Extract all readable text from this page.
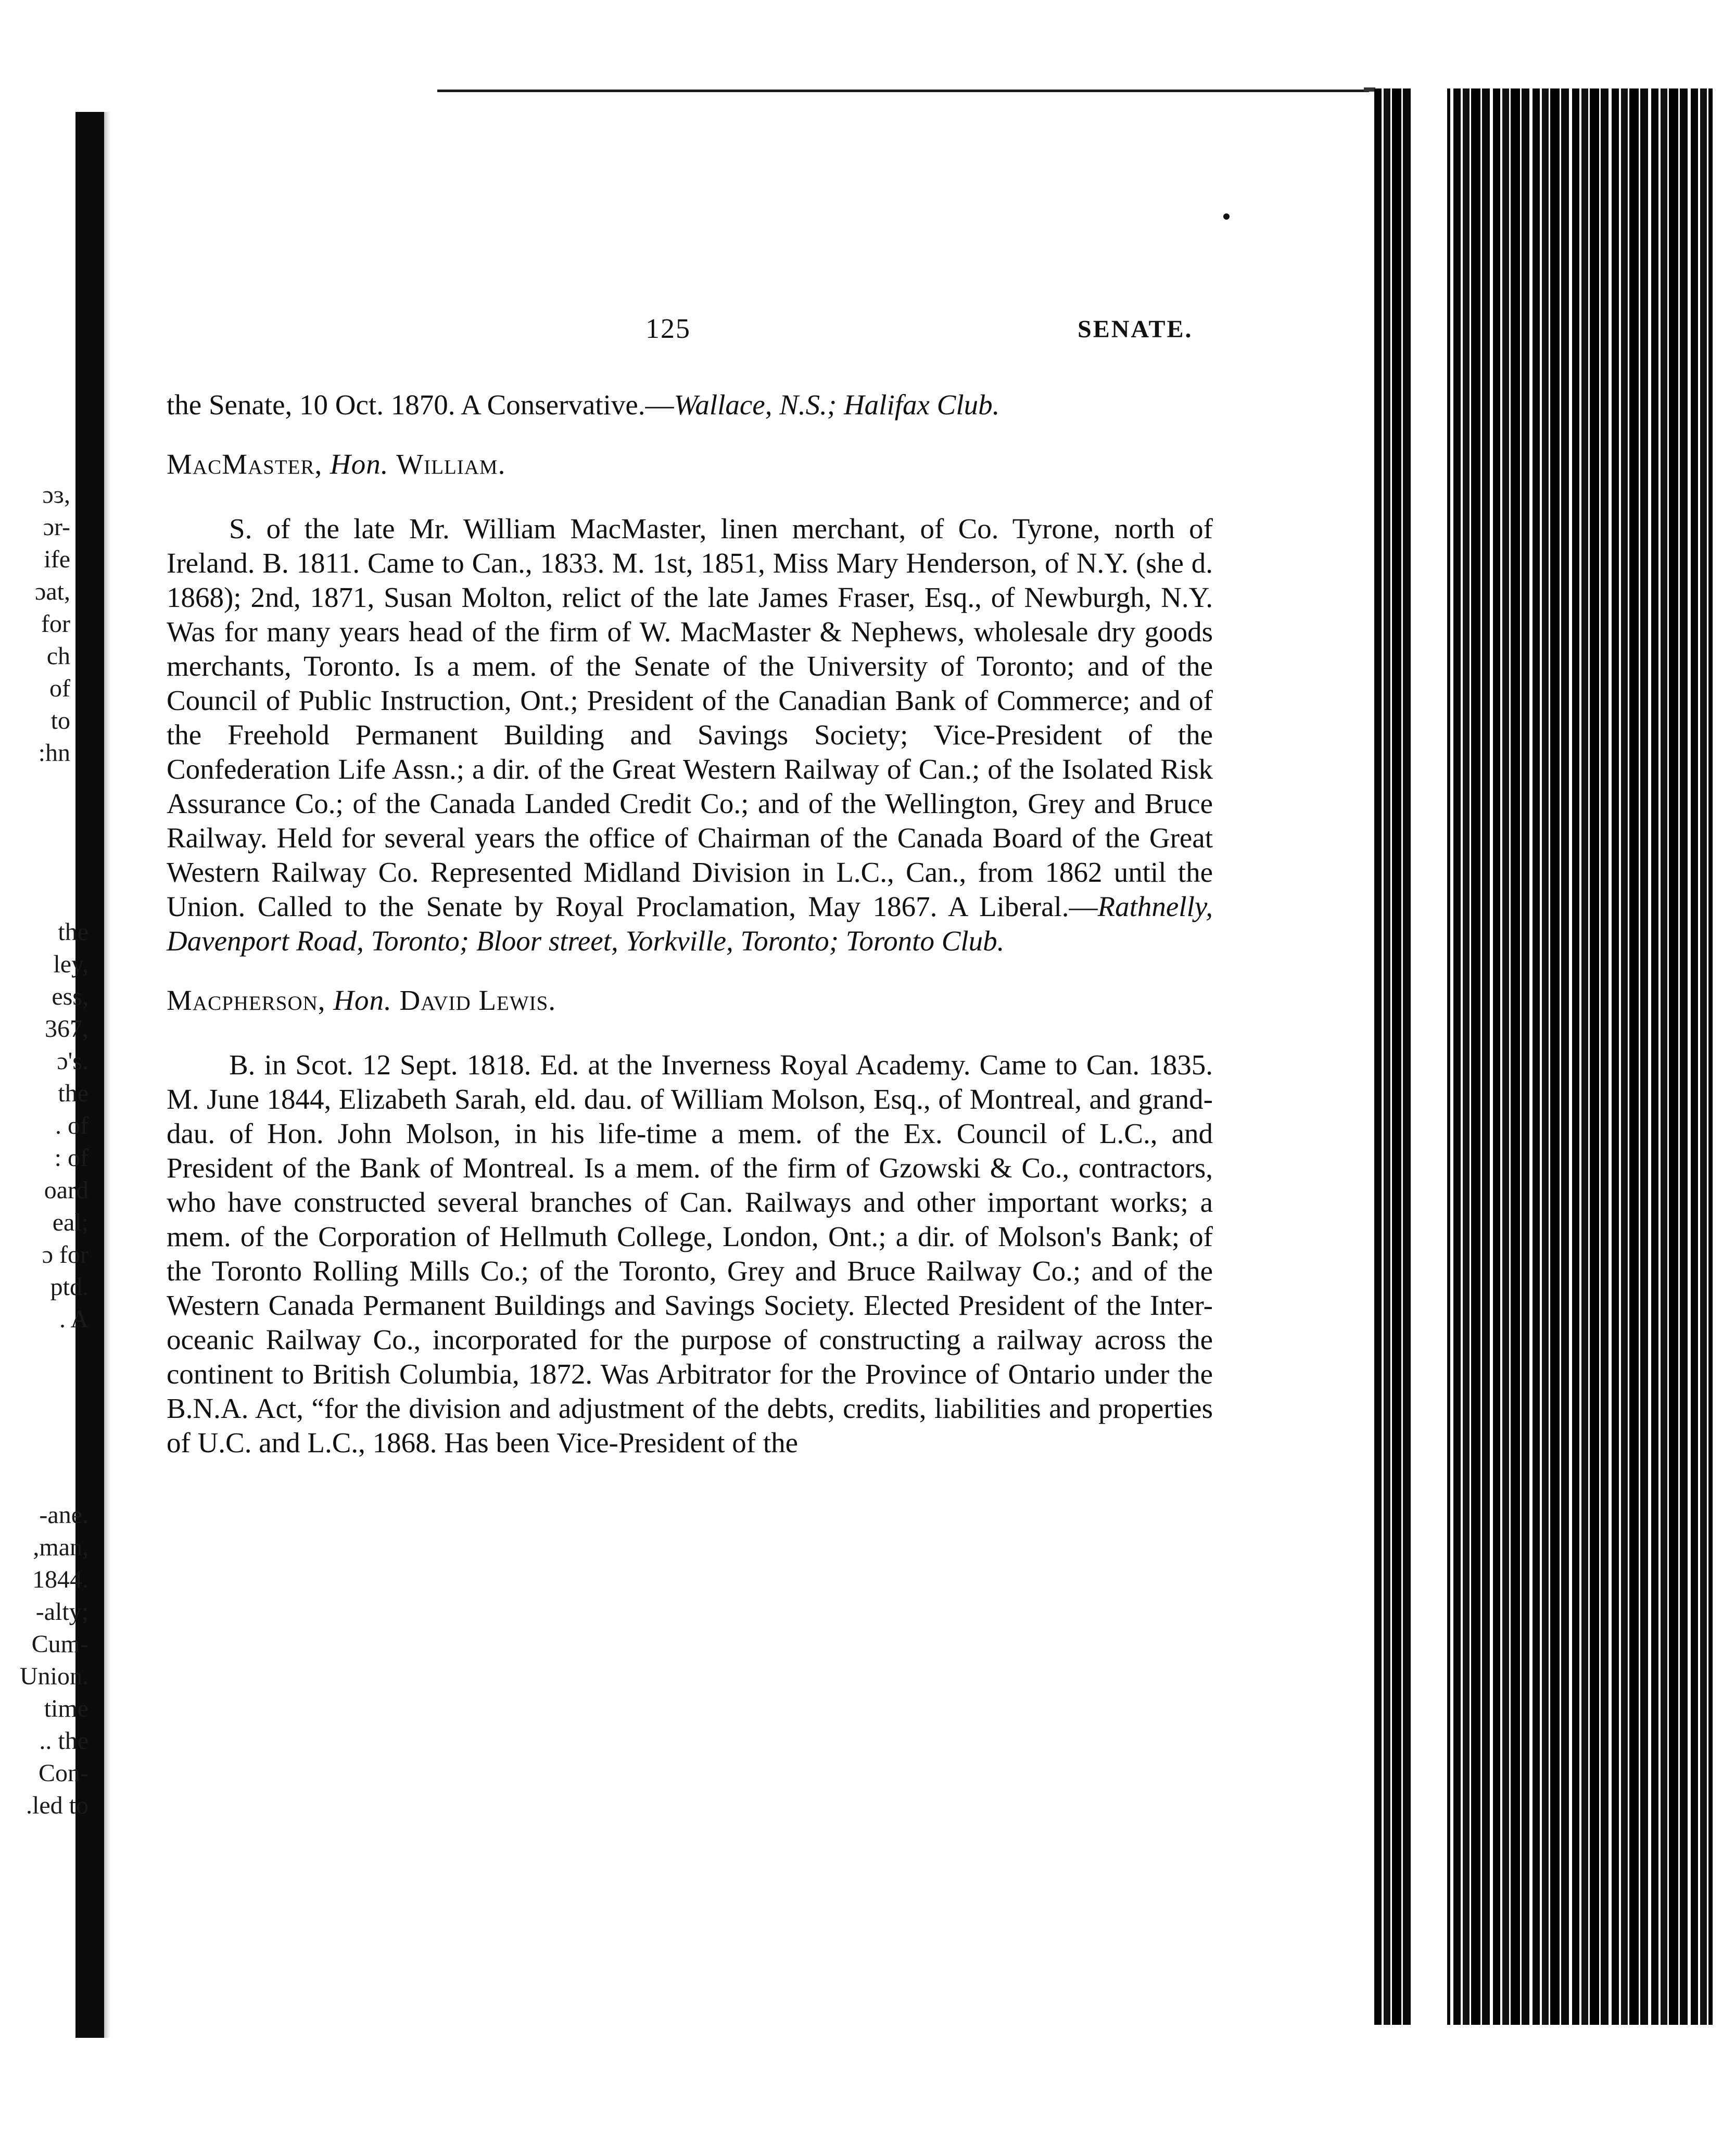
ɔɜ,
ɔr-
ife
ɔat,
for
ch
of
to
:hn
the
ley,
ess,
367,
ɔ's.
the
. of
: of
oard
eal;
ɔ for
ptd.
. A
-ane.
,man,
1844.
-alty;
Cum-
Union.
time
.. the
Con-
.led to
125	SENATE.

the Senate, 10 Oct. 1870. A Conservative.—Wallace, N.S.; Halifax Club.

MacMaster, Hon. William.

S. of the late Mr. William MacMaster, linen merchant, of Co. Tyrone, north of Ireland. B. 1811. Came to Can., 1833. M. 1st, 1851, Miss Mary Henderson, of N.Y. (she d. 1868); 2nd, 1871, Susan Molton, relict of the late James Fraser, Esq., of Newburgh, N.Y. Was for many years head of the firm of W. MacMaster & Nephews, wholesale dry goods merchants, Toronto. Is a mem. of the Senate of the University of Toronto; and of the Council of Public Instruction, Ont.; President of the Canadian Bank of Commerce; and of the Freehold Permanent Building and Savings Society; Vice-President of the Confederation Life Assn.; a dir. of the Great Western Railway of Can.; of the Isolated Risk Assurance Co.; of the Canada Landed Credit Co.; and of the Wellington, Grey and Bruce Railway. Held for several years the office of Chairman of the Canada Board of the Great Western Railway Co. Represented Midland Division in L.C., Can., from 1862 until the Union. Called to the Senate by Royal Proclamation, May 1867. A Liberal.—Rathnelly, Davenport Road, Toronto; Bloor street, Yorkville, Toronto; Toronto Club.

Macpherson, Hon. David Lewis.

B. in Scot. 12 Sept. 1818. Ed. at the Inverness Royal Academy. Came to Can. 1835. M. June 1844, Elizabeth Sarah, eld. dau. of William Molson, Esq., of Montreal, and grand-dau. of Hon. John Molson, in his life-time a mem. of the Ex. Council of L.C., and President of the Bank of Montreal. Is a mem. of the firm of Gzowski & Co., contractors, who have constructed several branches of Can. Railways and other important works; a mem. of the Corporation of Hellmuth College, London, Ont.; a dir. of Molson's Bank; of the Toronto Rolling Mills Co.; of the Toronto, Grey and Bruce Railway Co.; and of the Western Canada Permanent Buildings and Savings Society. Elected President of the Inter-oceanic Railway Co., incorporated for the purpose of constructing a railway across the continent to British Columbia, 1872. Was Arbitrator for the Province of Ontario under the B.N.A. Act, “for the division and adjustment of the debts, credits, liabilities and properties of U.C. and L.C., 1868. Has been Vice-President of the
